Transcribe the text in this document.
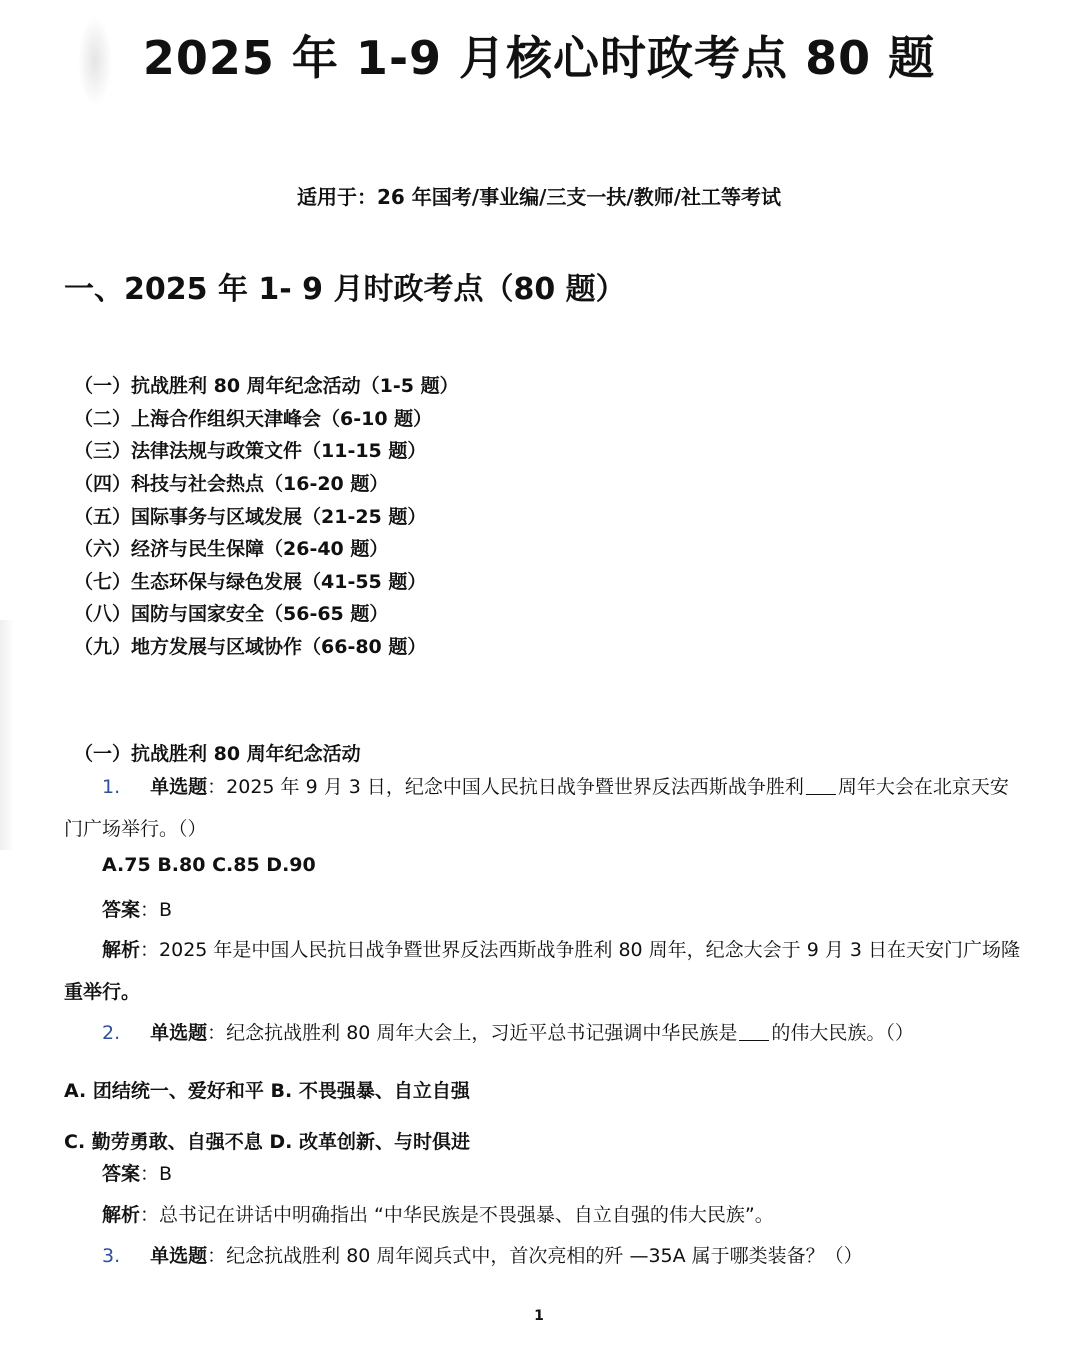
2025 年 1-9 月核心时政考点 80 题
适用于：26 年国考/事业编/三支一扶/教师/社工等考试
一、2025 年 1- 9 月时政考点（80 题）
（一）抗战胜利 80 周年纪念活动（1-5 题）
（二）上海合作组织天津峰会（6-10 题）
（三）法律法规与政策文件（11-15 题）
（四）科技与社会热点（16-20 题）
（五）国际事务与区域发展（21-25 题）
（六）经济与民生保障（26-40 题）
（七）生态环保与绿色发展（41-55 题）
（八）国防与国家安全（56-65 题）
（九）地方发展与区域协作（66-80 题）
（一）抗战胜利 80 周年纪念活动
1. 单选题：2025 年 9 月 3 日，纪念中国人民抗日战争暨世界反法西斯战争胜利 周年大会在北京天安
门广场举行。（）
A.75 B.80 C.85 D.90
答案：B
解析：2025 年是中国人民抗日战争暨世界反法西斯战争胜利 80 周年，纪念大会于 9 月 3 日在天安门广场隆
重举行。
2. 单选题：纪念抗战胜利 80 周年大会上，习近平总书记强调中华民族是 的伟大民族。（）
A. 团结统一、爱好和平 B. 不畏强暴、自立自强
C. 勤劳勇敢、自强不息 D. 改革创新、与时俱进
答案：B
解析：总书记在讲话中明确指出 “中华民族是不畏强暴、自立自强的伟大民族”。
3. 单选题：纪念抗战胜利 80 周年阅兵式中，首次亮相的歼 —35A 属于哪类装备？（）
1
